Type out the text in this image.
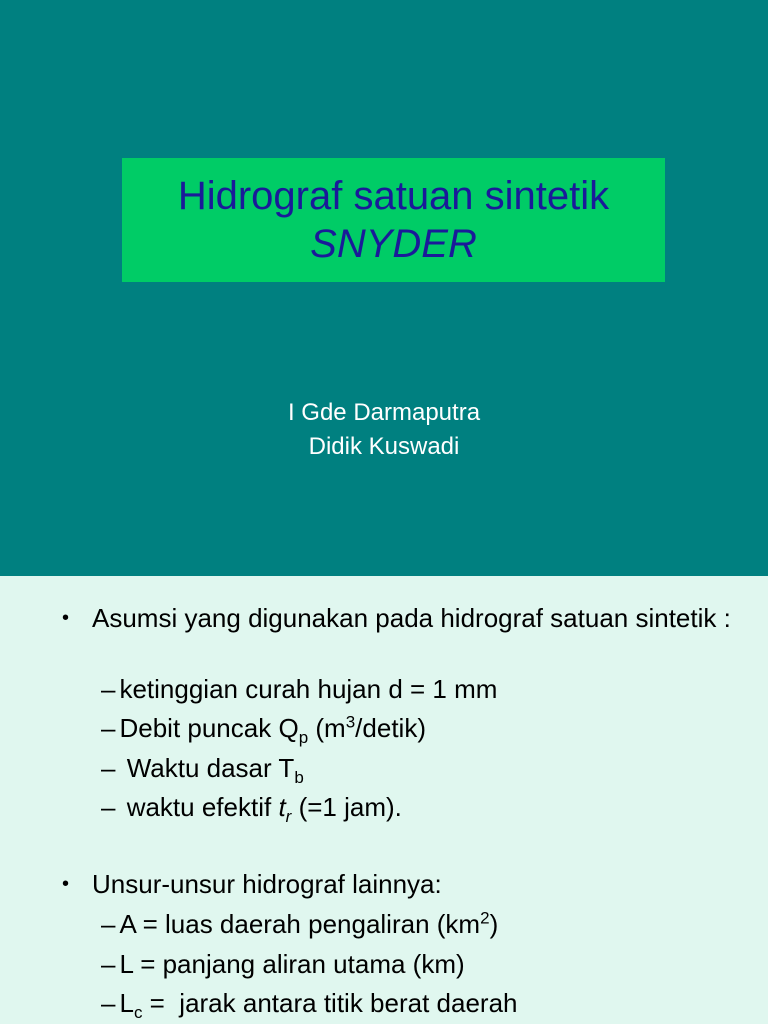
Hidrograf satuan sintetik
SNYDER
I Gde Darmaputra
Didik Kuswadi
• Asumsi yang digunakan pada hidrograf satuan sintetik :
– ketinggian curah hujan d = 1 mm
– Debit puncak $Q_p$ $(m^3/detik)$
– Waktu dasar $T_b$
– waktu efektif $t_r$ (=1 jam).
• Unsur-unsur hidrograf lainnya:
– A = luas daerah pengaliran $(km^2)$
– L = panjang aliran utama (km)
– $L_c$ =  jarak antara titik berat daerah
